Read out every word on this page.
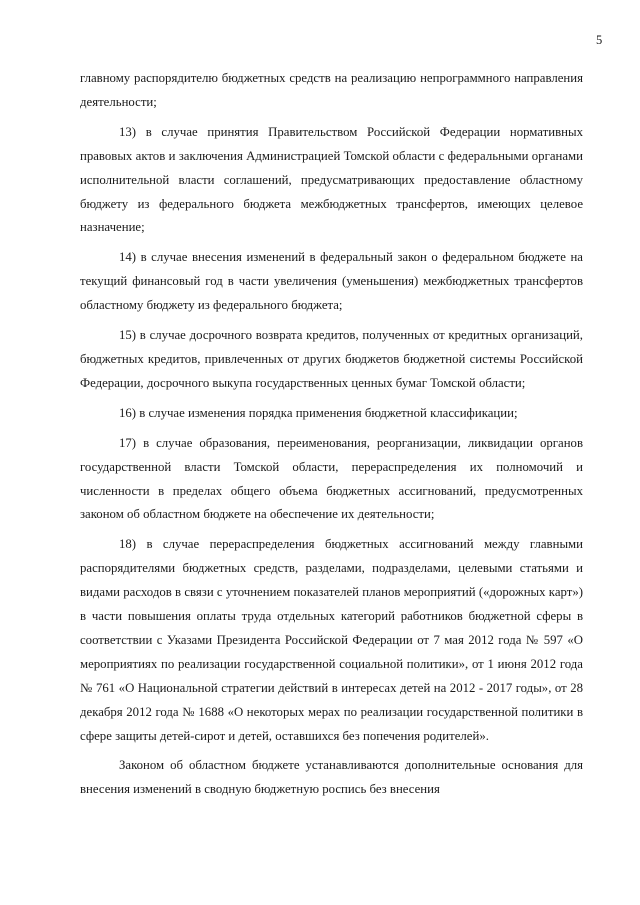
5

главному распорядителю бюджетных средств на реализацию непрограммного направления деятельности;

13) в случае принятия Правительством Российской Федерации нормативных правовых актов и заключения Администрацией Томской области с федеральными органами исполнительной власти соглашений, предусматривающих предоставление областному бюджету из федерального бюджета межбюджетных трансфертов, имеющих целевое назначение;

14) в случае внесения изменений в федеральный закон о федеральном бюджете на текущий финансовый год в части увеличения (уменьшения) межбюджетных трансфертов областному бюджету из федерального бюджета;

15) в случае досрочного возврата кредитов, полученных от кредитных организаций, бюджетных кредитов, привлеченных от других бюджетов бюджетной системы Российской Федерации, досрочного выкупа государственных ценных бумаг Томской области;

16) в случае изменения порядка применения бюджетной классификации;

17) в случае образования, переименования, реорганизации, ликвидации органов государственной власти Томской области, перераспределения их полномочий и численности в пределах общего объема бюджетных ассигнований, предусмотренных законом об областном бюджете на обеспечение их деятельности;

18) в случае перераспределения бюджетных ассигнований между главными распорядителями бюджетных средств, разделами, подразделами, целевыми статьями и видами расходов в связи с уточнением показателей планов мероприятий («дорожных карт») в части повышения оплаты труда отдельных категорий работников бюджетной сферы в соответствии с Указами Президента Российской Федерации от 7 мая 2012 года № 597 «О мероприятиях по реализации государственной социальной политики», от 1 июня 2012 года № 761 «О Национальной стратегии действий в интересах детей на 2012 - 2017 годы», от 28 декабря 2012 года № 1688 «О некоторых мерах по реализации государственной политики в сфере защиты детей-сирот и детей, оставшихся без попечения родителей».

Законом об областном бюджете устанавливаются дополнительные основания для внесения изменений в сводную бюджетную роспись без внесения
